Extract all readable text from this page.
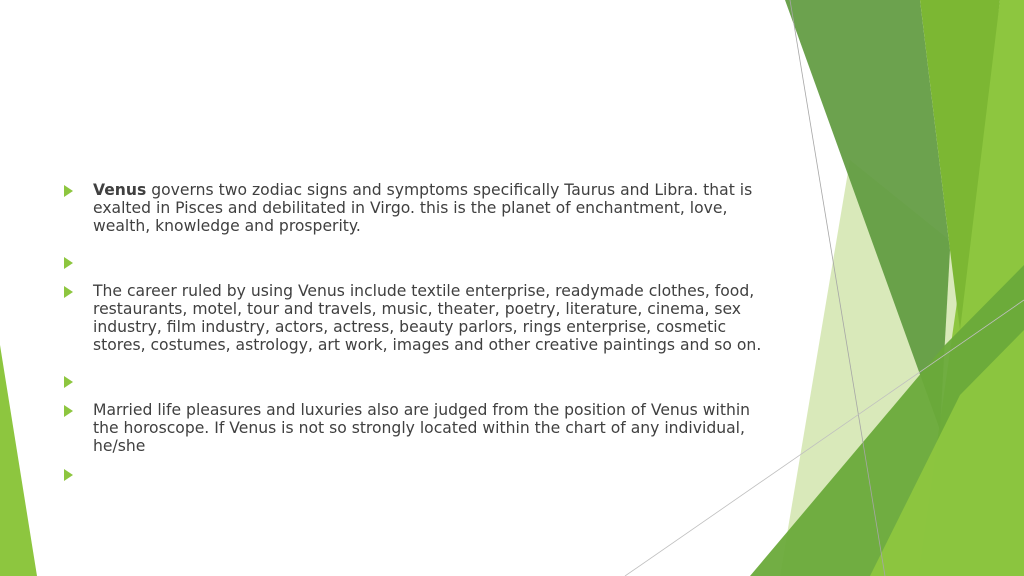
Venus governs two zodiac signs and symptoms specifically Taurus and Libra. that is exalted in Pisces and debilitated in Virgo. this is the planet of enchantment, love, wealth, knowledge and prosperity.
The career ruled by using Venus include textile enterprise, readymade clothes, food, restaurants, motel, tour and travels, music, theater, poetry, literature, cinema, sex industry, film industry, actors, actress, beauty parlors, rings enterprise, cosmetic stores, costumes, astrology, art work, images and other creative paintings and so on.
Married life pleasures and luxuries also are judged from the position of Venus within the horoscope. If Venus is not so strongly located within the chart of any individual, he/she
